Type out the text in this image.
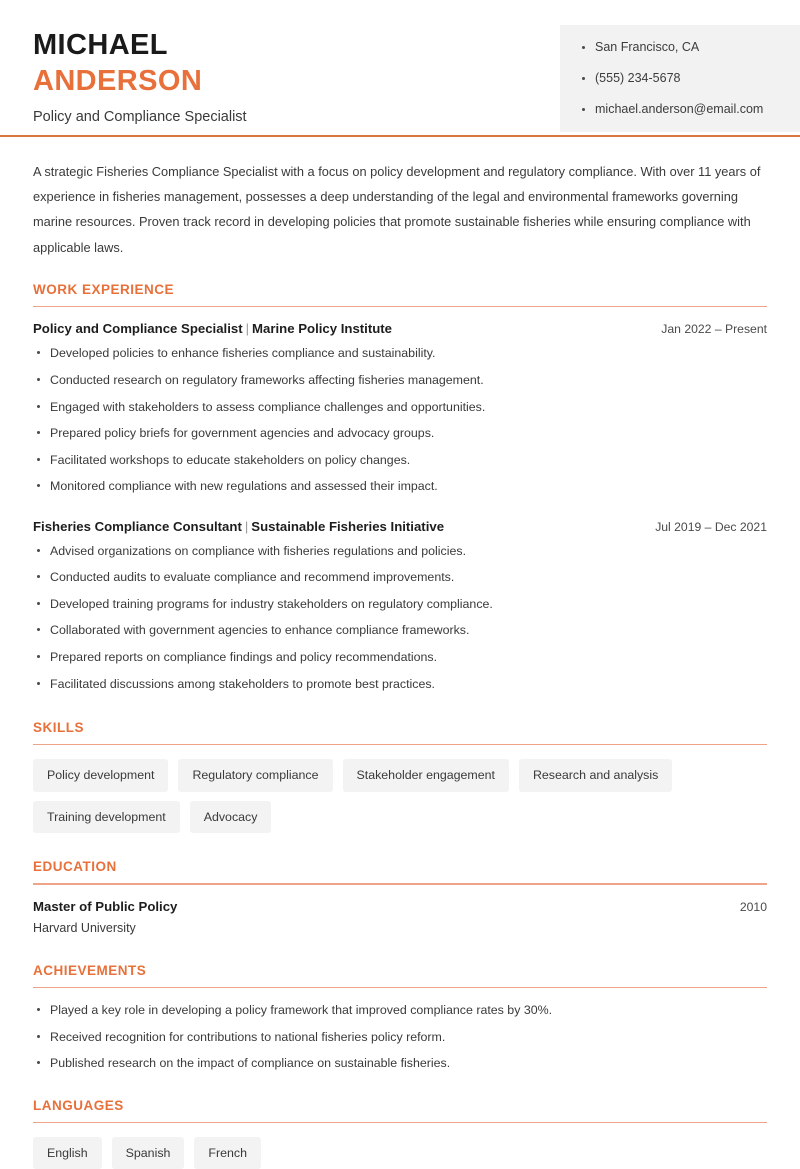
MICHAEL
ANDERSON
Policy and Compliance Specialist
San Francisco, CA
(555) 234-5678
michael.anderson@email.com

A strategic Fisheries Compliance Specialist with a focus on policy development and regulatory compliance. With over 11 years of experience in fisheries management, possesses a deep understanding of the legal and environmental frameworks governing marine resources. Proven track record in developing policies that promote sustainable fisheries while ensuring compliance with applicable laws.

WORK EXPERIENCE
Policy and Compliance Specialist | Marine Policy Institute	Jan 2022 – Present
Developed policies to enhance fisheries compliance and sustainability.
Conducted research on regulatory frameworks affecting fisheries management.
Engaged with stakeholders to assess compliance challenges and opportunities.
Prepared policy briefs for government agencies and advocacy groups.
Facilitated workshops to educate stakeholders on policy changes.
Monitored compliance with new regulations and assessed their impact.
Fisheries Compliance Consultant | Sustainable Fisheries Initiative	Jul 2019 – Dec 2021
Advised organizations on compliance with fisheries regulations and policies.
Conducted audits to evaluate compliance and recommend improvements.
Developed training programs for industry stakeholders on regulatory compliance.
Collaborated with government agencies to enhance compliance frameworks.
Prepared reports on compliance findings and policy recommendations.
Facilitated discussions among stakeholders to promote best practices.
SKILLS
Policy development	Regulatory compliance	Stakeholder engagement	Research and analysis
Training development	Advocacy
EDUCATION
Master of Public Policy	2010
Harvard University
ACHIEVEMENTS
Played a key role in developing a policy framework that improved compliance rates by 30%.
Received recognition for contributions to national fisheries policy reform.
Published research on the impact of compliance on sustainable fisheries.
LANGUAGES
English	Spanish	French
